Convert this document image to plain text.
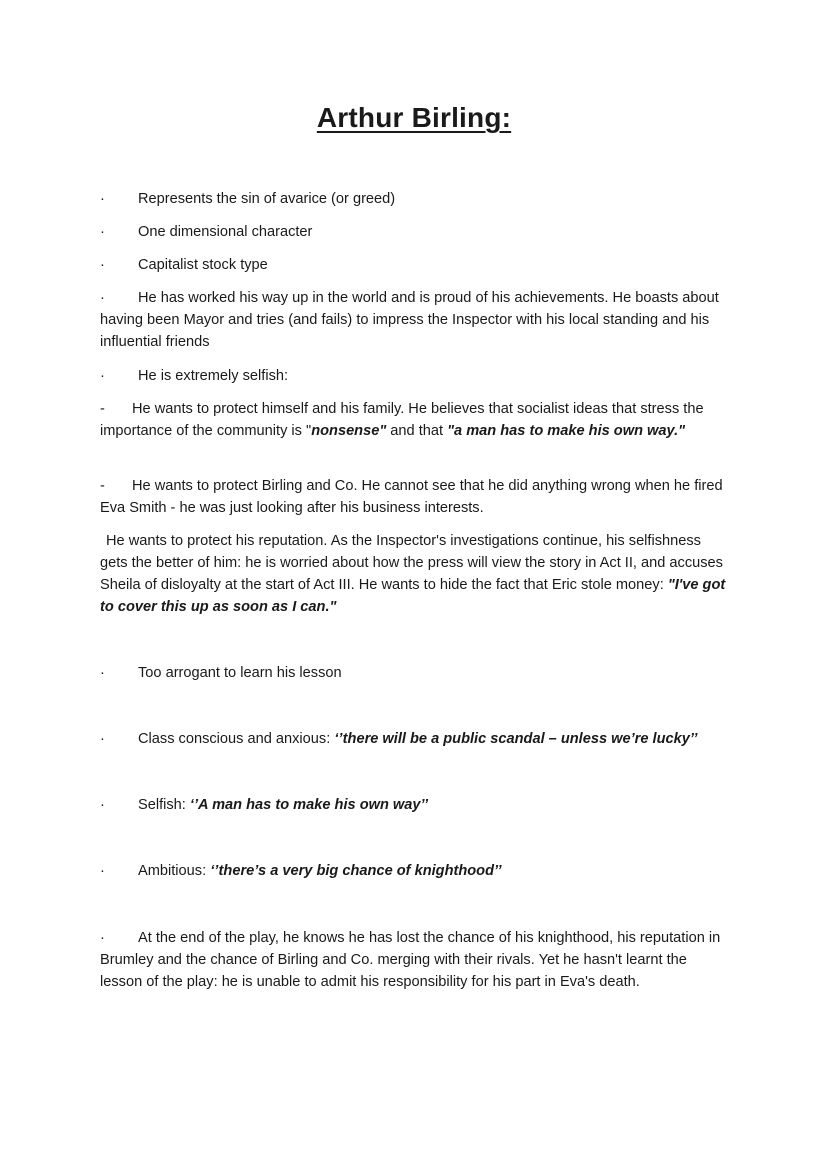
Arthur Birling:
· Represents the sin of avarice (or greed)
· One dimensional character
· Capitalist stock type
· He has worked his way up in the world and is proud of his achievements. He boasts about having been Mayor and tries (and fails) to impress the Inspector with his local standing and his influential friends
· He is extremely selfish:
- He wants to protect himself and his family. He believes that socialist ideas that stress the importance of the community is "nonsense" and that "a man has to make his own way."
- He wants to protect Birling and Co. He cannot see that he did anything wrong when he fired Eva Smith - he was just looking after his business interests.
He wants to protect his reputation. As the Inspector's investigations continue, his selfishness gets the better of him: he is worried about how the press will view the story in Act II, and accuses Sheila of disloyalty at the start of Act III. He wants to hide the fact that Eric stole money: "I've got to cover this up as soon as I can."
· Too arrogant to learn his lesson
· Class conscious and anxious: ‘’there will be a public scandal – unless we’re lucky’’
· Selfish: ‘’A man has to make his own way’’
· Ambitious: ‘’there’s a very big chance of knighthood’’
· At the end of the play, he knows he has lost the chance of his knighthood, his reputation in Brumley and the chance of Birling and Co. merging with their rivals. Yet he hasn't learnt the lesson of the play: he is unable to admit his responsibility for his part in Eva's death.
